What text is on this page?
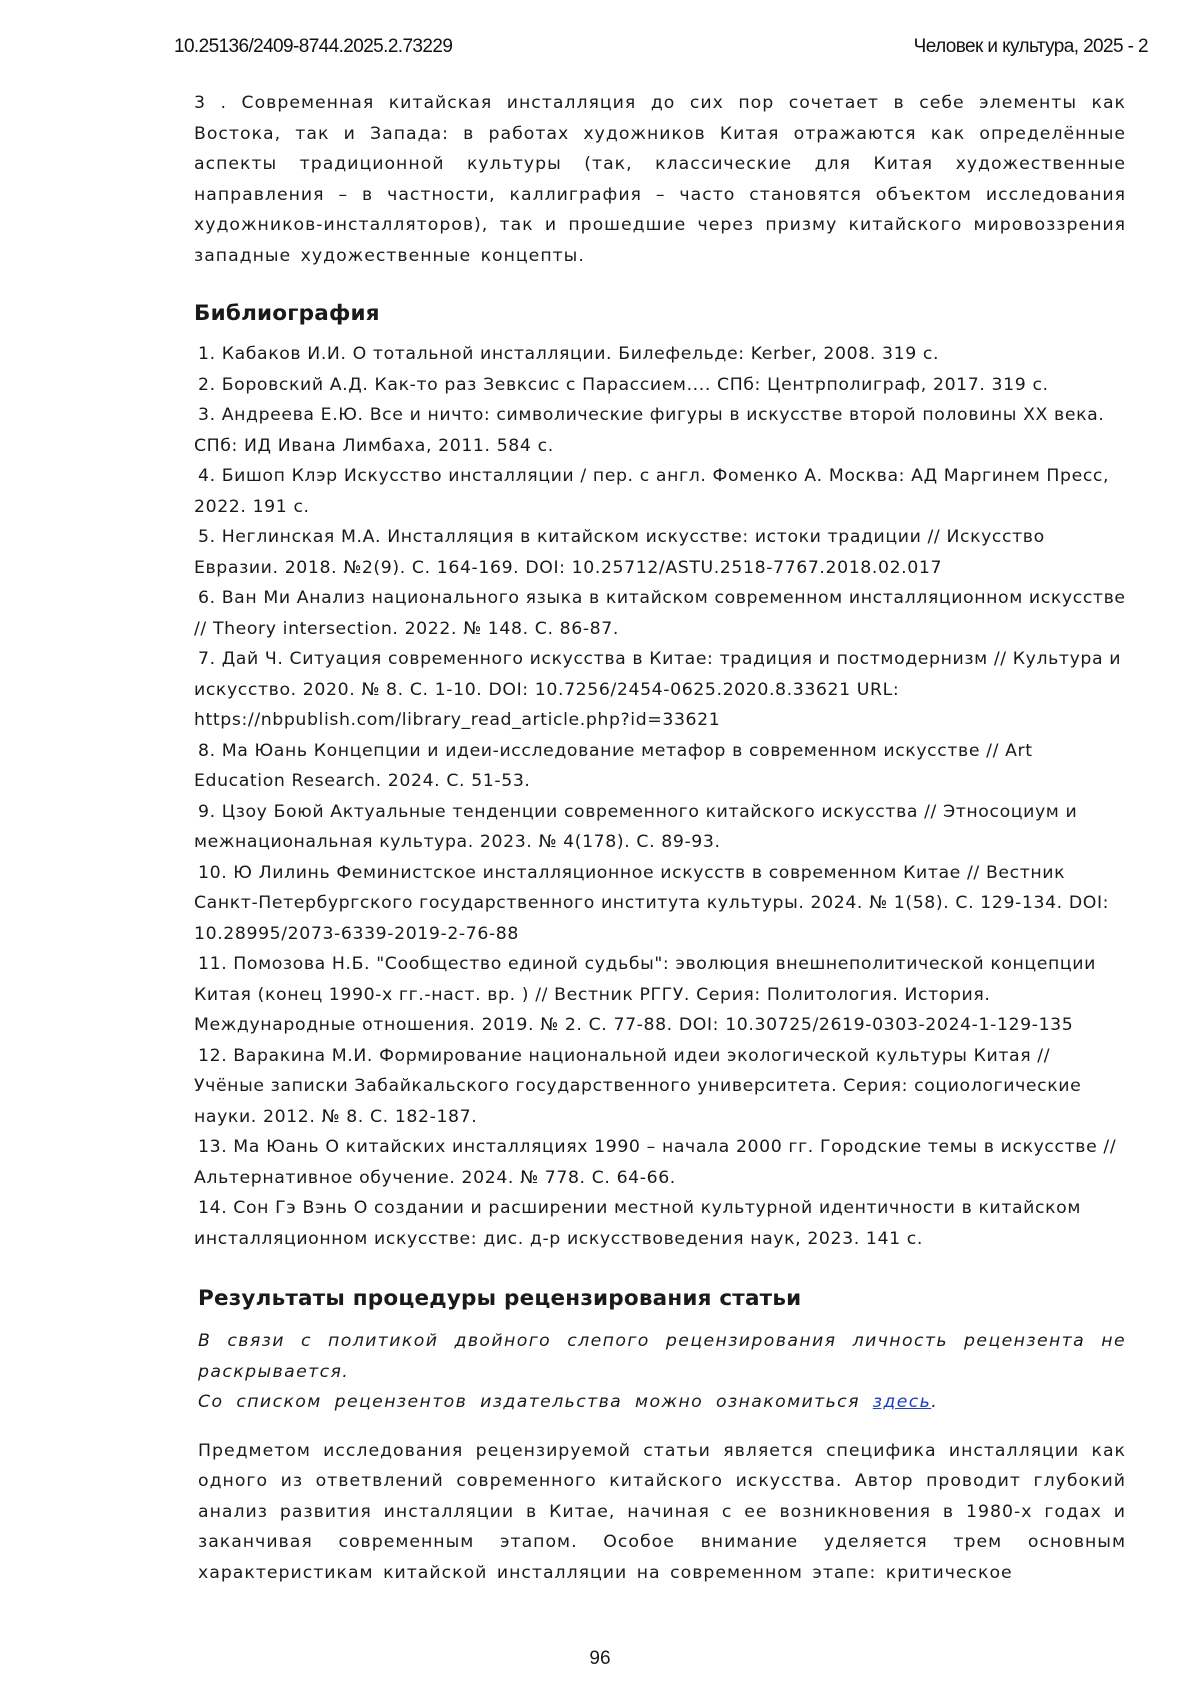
10.25136/2409-8744.2025.2.73229	Человек и культура, 2025 - 2

3 . Современная китайская инсталляция до сих пор сочетает в себе элементы как Востока, так и Запада: в работах художников Китая отражаются как определённые аспекты традиционной культуры (так, классические для Китая художественные направления – в частности, каллиграфия – часто становятся объектом исследования художников-инсталляторов), так и прошедшие через призму китайского мировоззрения западные художественные концепты.

Библиография
1. Кабаков И.И. О тотальной инсталляции. Билефельде: Kerber, 2008. 319 с.
2. Боровский А.Д. Как-то раз Зевксис с Парассием.... СПб: Центрполиграф, 2017. 319 с.
3. Андреева Е.Ю. Все и ничто: символические фигуры в искусстве второй половины XX века. СПб: ИД Ивана Лимбаха, 2011. 584 с.
4. Бишоп Клэр Искусство инсталляции / пер. с англ. Фоменко А. Москва: АД Маргинем Пресс, 2022. 191 с.
5. Неглинская М.А. Инсталляция в китайском искусстве: истоки традиции // Искусство Евразии. 2018. №2(9). С. 164-169. DOI: 10.25712/ASTU.2518-7767.2018.02.017
6. Ван Ми Анализ национального языка в китайском современном инсталляционном искусстве // Theory intersection. 2022. № 148. С. 86-87.
7. Дай Ч. Ситуация современного искусства в Китае: традиция и постмодернизм // Культура и искусство. 2020. № 8. С. 1-10. DOI: 10.7256/2454-0625.2020.8.33621 URL: https://nbpublish.com/library_read_article.php?id=33621
8. Ма Юань Концепции и идеи-исследование метафор в современном искусстве // Art Education Research. 2024. С. 51-53.
9. Цзоу Боюй Актуальные тенденции современного китайского искусства // Этносоциум и межнациональная культура. 2023. № 4(178). С. 89-93.
10. Ю Лилинь Феминистское инсталляционное искусств в современном Китае // Вестник Санкт-Петербургского государственного института культуры. 2024. № 1(58). С. 129-134. DOI: 10.28995/2073-6339-2019-2-76-88
11. Помозова Н.Б. "Сообщество единой судьбы": эволюция внешнеполитической концепции Китая (конец 1990-х гг.-наст. вр. ) // Вестник РГГУ. Серия: Политология. История. Международные отношения. 2019. № 2. С. 77-88. DOI: 10.30725/2619-0303-2024-1-129-135
12. Варакина М.И. Формирование национальной идеи экологической культуры Китая // Учёные записки Забайкальского государственного университета. Серия: социологические науки. 2012. № 8. С. 182-187.
13. Ма Юань О китайских инсталляциях 1990 – начала 2000 гг. Городские темы в искусстве // Альтернативное обучение. 2024. № 778. С. 64-66.
14. Сон Гэ Вэнь О создании и расширении местной культурной идентичности в китайском инсталляционном искусстве: дис. д-р искусствоведения наук, 2023. 141 с.
Результаты процедуры рецензирования статьи

В связи с политикой двойного слепого рецензирования личность рецензента не раскрывается.

Со списком рецензентов издательства можно ознакомиться здесь.

Предметом исследования рецензируемой статьи является специфика инсталляции как одного из ответвлений современного китайского искусства. Автор проводит глубокий анализ развития инсталляции в Китае, начиная с ее возникновения в 1980-х годах и заканчивая современным этапом. Особое внимание уделяется трем основным характеристикам китайской инсталляции на современном этапе: критическое

96
